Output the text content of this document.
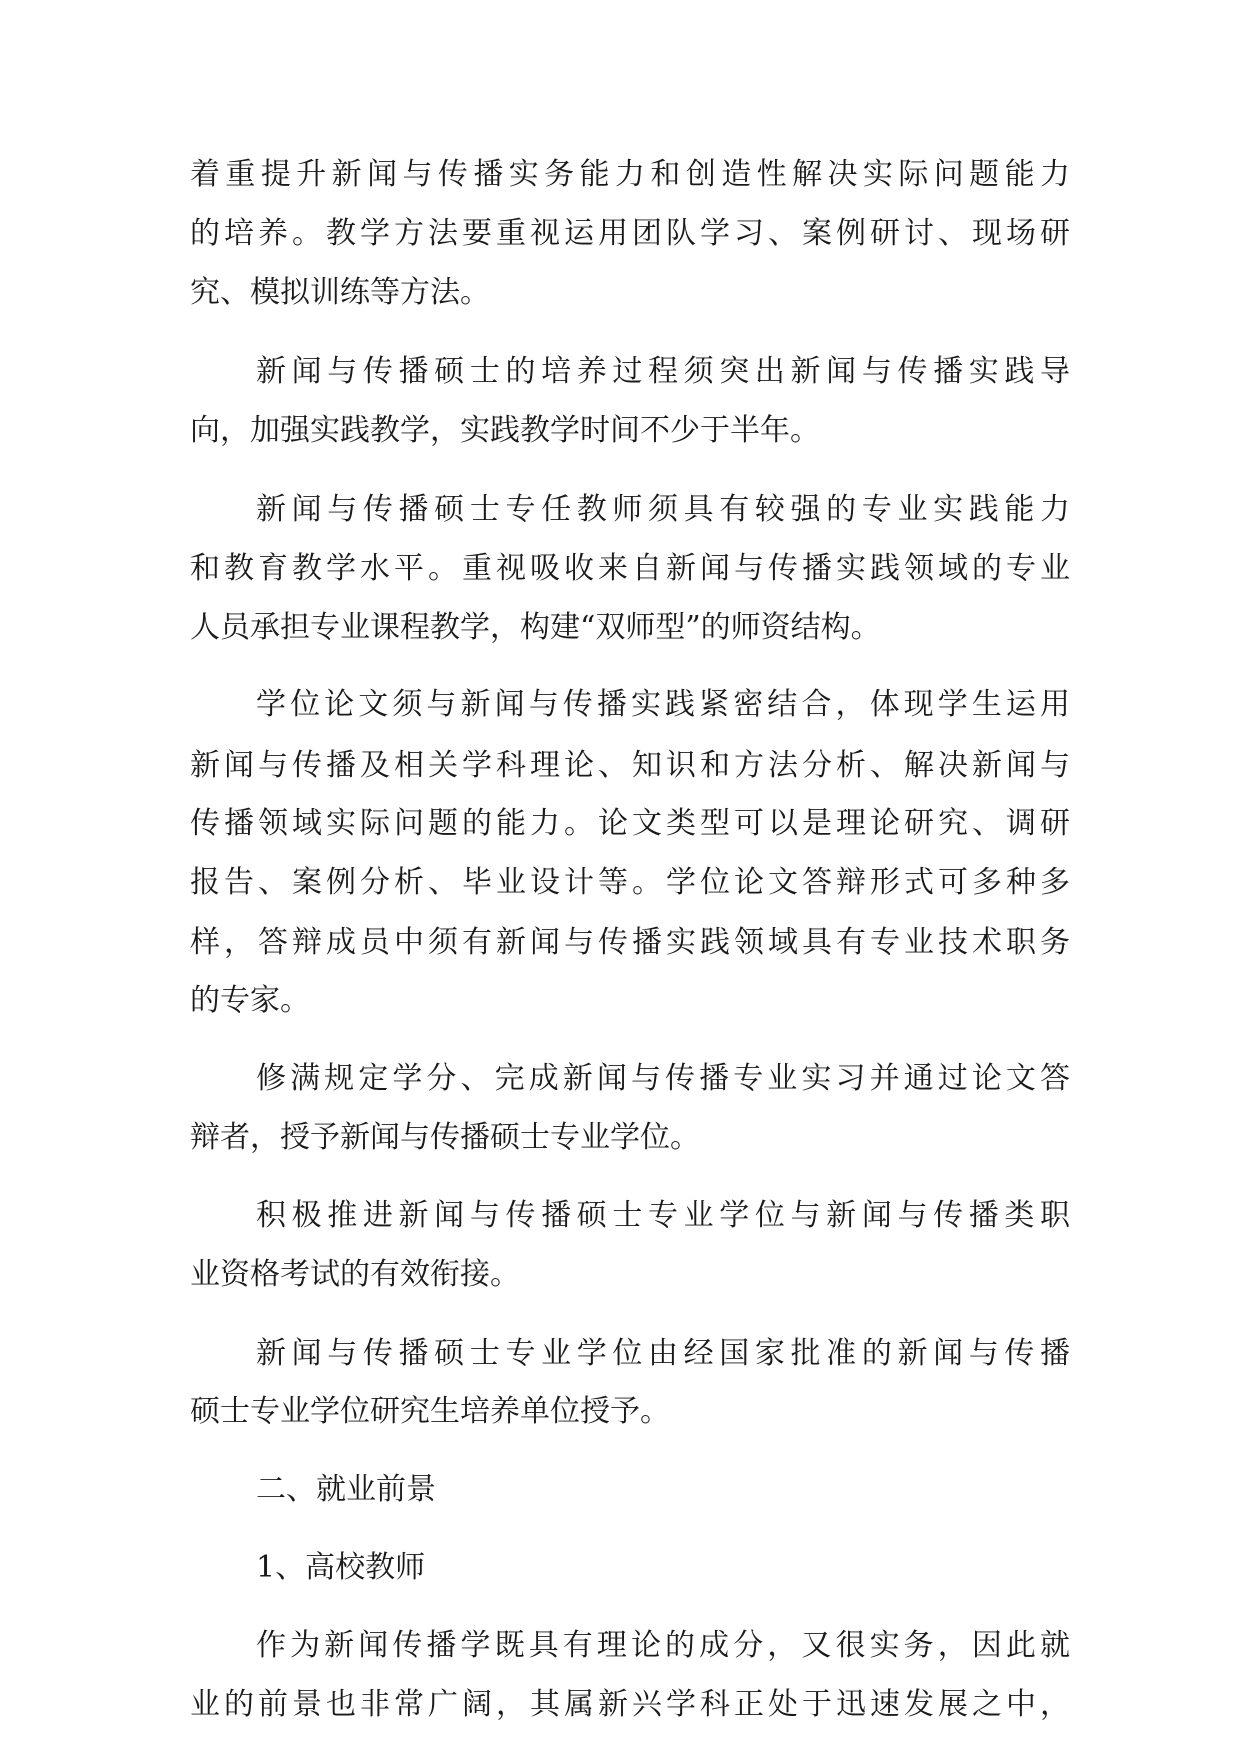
着重提升新闻与传播实务能力和创造性解决实际问题能力
的培养。教学方法要重视运用团队学习、案例研讨、现场研
究、模拟训练等方法。
新闻与传播硕士的培养过程须突出新闻与传播实践导
向，加强实践教学，实践教学时间不少于半年。
新闻与传播硕士专任教师须具有较强的专业实践能力
和教育教学水平。重视吸收来自新闻与传播实践领域的专业
人员承担专业课程教学，构建“双师型”的师资结构。
学位论文须与新闻与传播实践紧密结合，体现学生运用
新闻与传播及相关学科理论、知识和方法分析、解决新闻与
传播领域实际问题的能力。论文类型可以是理论研究、调研
报告、案例分析、毕业设计等。学位论文答辩形式可多种多
样，答辩成员中须有新闻与传播实践领域具有专业技术职务
的专家。
修满规定学分、完成新闻与传播专业实习并通过论文答
辩者，授予新闻与传播硕士专业学位。
积极推进新闻与传播硕士专业学位与新闻与传播类职
业资格考试的有效衔接。
新闻与传播硕士专业学位由经国家批准的新闻与传播
硕士专业学位研究生培养单位授予。
二、就业前景
1、高校教师
作为新闻传播学既具有理论的成分，又很实务，因此就
业的前景也非常广阔，其属新兴学科正处于迅速发展之中，
